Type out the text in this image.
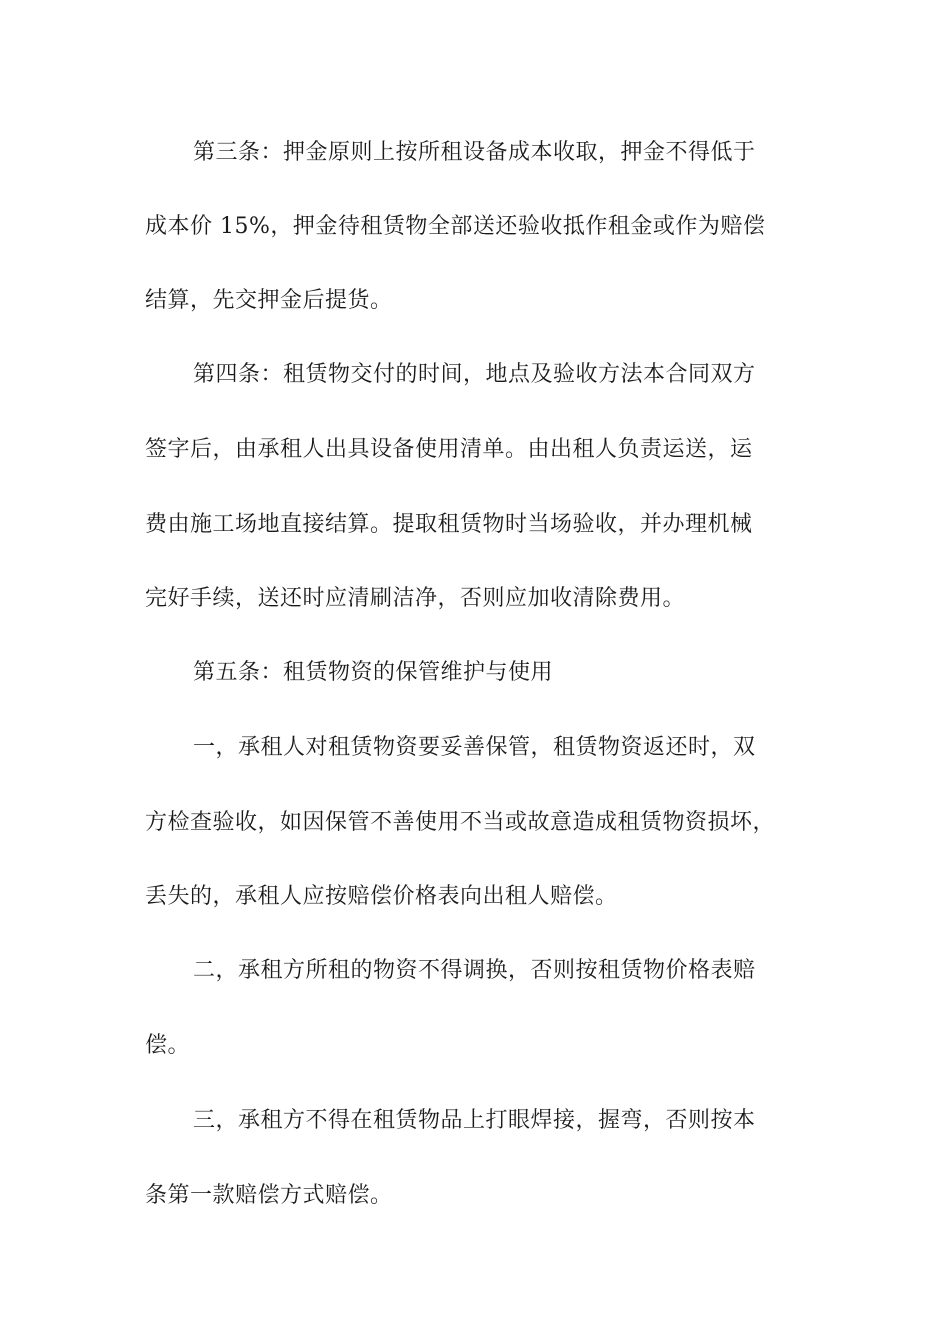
第三条：押金原则上按所租设备成本收取，押金不得低于
成本价 15%，押金待租赁物全部送还验收抵作租金或作为赔偿
结算，先交押金后提货。
第四条：租赁物交付的时间，地点及验收方法本合同双方
签字后，由承租人出具设备使用清单。由出租人负责运送，运
费由施工场地直接结算。提取租赁物时当场验收，并办理机械
完好手续，送还时应清刷洁净，否则应加收清除费用。
第五条：租赁物资的保管维护与使用
一，承租人对租赁物资要妥善保管，租赁物资返还时，双
方检查验收，如因保管不善使用不当或故意造成租赁物资损坏，
丢失的，承租人应按赔偿价格表向出租人赔偿。
二，承租方所租的物资不得调换，否则按租赁物价格表赔
偿。
三，承租方不得在租赁物品上打眼焊接，握弯，否则按本
条第一款赔偿方式赔偿。
